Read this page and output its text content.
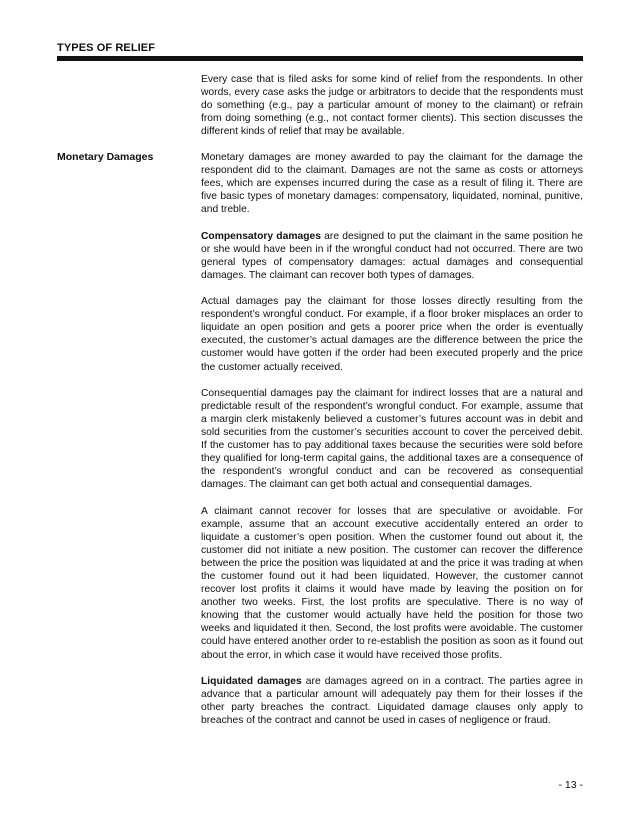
TYPES OF RELIEF

Every case that is filed asks for some kind of relief from the respondents. In other words, every case asks the judge or arbitrators to decide that the respondents must do something (e.g., pay a particular amount of money to the claimant) or refrain from doing something (e.g., not contact former clients). This section discusses the different kinds of relief that may be available.

Monetary Damages	Monetary damages are money awarded to pay the claimant for the damage the respondent did to the claimant. Damages are not the same as costs or attorneys fees, which are expenses incurred during the case as a result of filing it. There are five basic types of monetary damages: compensatory, liquidated, nominal, punitive, and treble.

Compensatory damages are designed to put the claimant in the same position he or she would have been in if the wrongful conduct had not occurred. There are two general types of compensatory damages: actual damages and consequential damages. The claimant can recover both types of damages.

Actual damages pay the claimant for those losses directly resulting from the respondent’s wrongful conduct. For example, if a floor broker misplaces an order to liquidate an open position and gets a poorer price when the order is eventually executed, the customer’s actual damages are the difference between the price the customer would have gotten if the order had been executed properly and the price the customer actually received.

Consequential damages pay the claimant for indirect losses that are a natural and predictable result of the respondent’s wrongful conduct. For example, assume that a margin clerk mistakenly believed a customer’s futures account was in debit and sold securities from the customer’s securities account to cover the perceived debit. If the customer has to pay additional taxes because the securities were sold before they qualified for long-term capital gains, the additional taxes are a consequence of the respondent’s wrongful conduct and can be recovered as consequential damages. The claimant can get both actual and consequential damages.

A claimant cannot recover for losses that are speculative or avoidable. For example, assume that an account executive accidentally entered an order to liquidate a customer’s open position. When the customer found out about it, the customer did not initiate a new position. The customer can recover the difference between the price the position was liquidated at and the price it was trading at when the customer found out it had been liquidated. However, the customer cannot recover lost profits it claims it would have made by leaving the position on for another two weeks. First, the lost profits are speculative. There is no way of knowing that the customer would actually have held the position for those two weeks and liquidated it then. Second, the lost profits were avoidable. The customer could have entered another order to re-establish the position as soon as it found out about the error, in which case it would have received those profits.

Liquidated damages are damages agreed on in a contract. The parties agree in advance that a particular amount will adequately pay them for their losses if the other party breaches the contract. Liquidated damage clauses only apply to breaches of the contract and cannot be used in cases of negligence or fraud.

- 13 -
